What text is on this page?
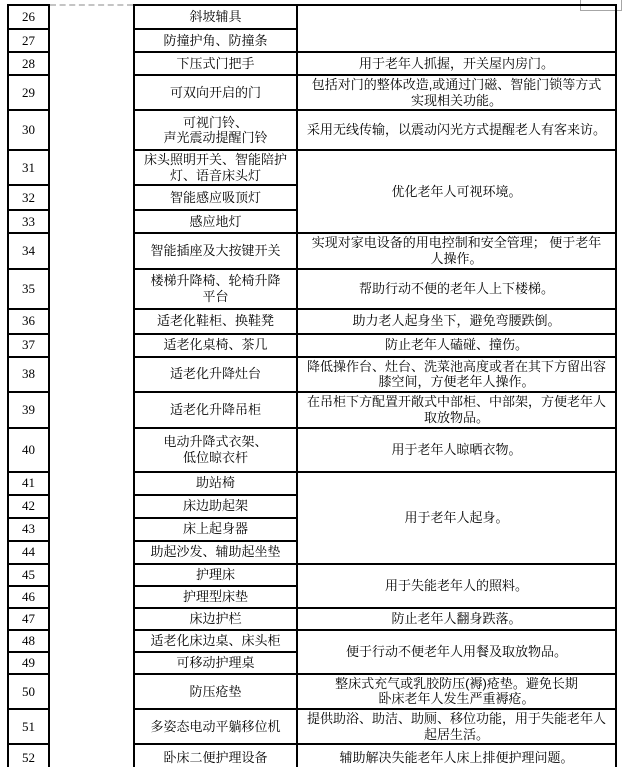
26		斜坡辅具	
27		防撞护角、防撞条	
28		下压式门把手	用于老年人抓握，开关屋内房门。
29		可双向开启的门	包括对门的整体改造,或通过门磁、智能门锁等方式
实现相关功能。
30		可视门铃、
声光震动提醒门铃	采用无线传输，以震动闪光方式提醒老人有客来访。
31		床头照明开关、智能陪护
灯、语音床头灯	优化老年人可视环境。
32		智能感应吸顶灯	
33		感应地灯	
34		智能插座及大按键开关	实现对家电设备的用电控制和安全管理； 便于老年
人操作。
35		楼梯升降椅、轮椅升降
平台	帮助行动不便的老年人上下楼梯。
36		适老化鞋柜、换鞋凳	助力老人起身坐下，避免弯腰跌倒。
37		适老化桌椅、茶几	防止老年人磕碰、撞伤。
38		适老化升降灶台	降低操作台、灶台、洗菜池高度或者在其下方留出容
膝空间，方便老年人操作。
39		适老化升降吊柜	在吊柜下方配置开敞式中部柜、中部架，方便老年人
取放物品。
40		电动升降式衣架、
低位晾衣杆	用于老年人晾晒衣物。
41		助站椅	用于老年人起身。
42		床边助起架	
43		床上起身器	
44		助起沙发、辅助起坐垫	
45		护理床	用于失能老年人的照料。
46		护理型床垫	
47		床边护栏	防止老年人翻身跌落。
48		适老化床边桌、床头柜	便于行动不便老年人用餐及取放物品。
49		可移动护理桌	
50		防压疮垫	整床式充气或乳胶防压(褥)疮垫。避免长期
卧床老年人发生严重褥疮。
51		多姿态电动平躺移位机	提供助浴、助洁、助厕、移位功能，用于失能老年人
起居生活。
52		卧床二便护理设备	辅助解决失能老年人床上排便护理问题。
